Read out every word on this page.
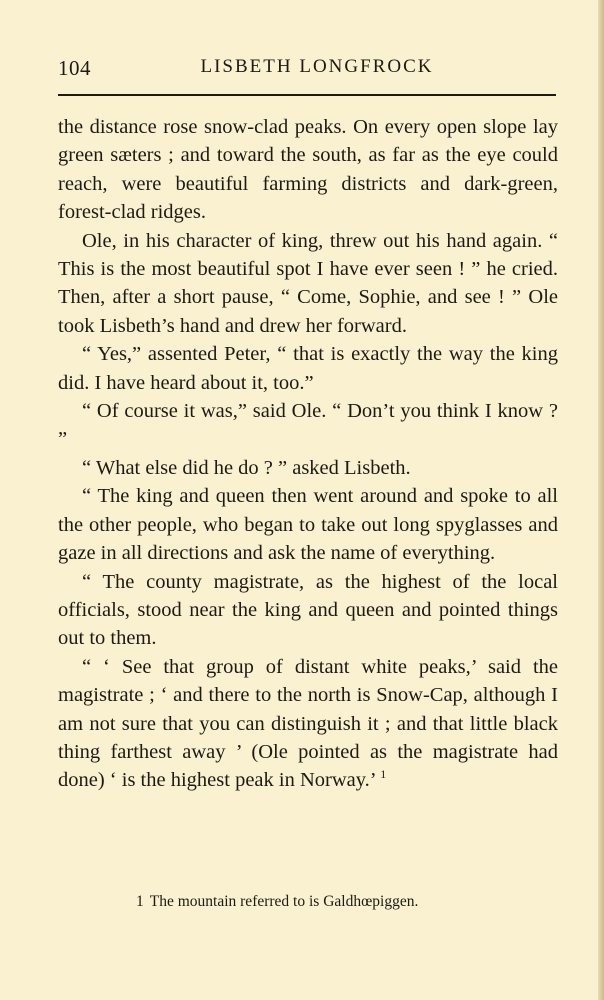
104	LISBETH LONGFROCK

the distance rose snow-clad peaks. On every open slope lay green sæters ; and toward the south, as far as the eye could reach, were beautiful farming districts and dark-green, forest-clad ridges.

Ole, in his character of king, threw out his hand again. “ This is the most beautiful spot I have ever seen ! ” he cried. Then, after a short pause, “ Come, Sophie, and see ! ” Ole took Lisbeth’s hand and drew her forward.

“ Yes,” assented Peter, “ that is exactly the way the king did. I have heard about it, too.”

“ Of course it was,” said Ole. “ Don’t you think I know ? ”

“ What else did he do ? ” asked Lisbeth.

“ The king and queen then went around and spoke to all the other people, who began to take out long spyglasses and gaze in all directions and ask the name of everything.

“ The county magistrate, as the highest of the local officials, stood near the king and queen and pointed things out to them.

“ ‘ See that group of distant white peaks,’ said the magistrate ; ‘ and there to the north is Snow-Cap, although I am not sure that you can distinguish it ; and that little black thing farthest away ’ (Ole pointed as the magistrate had done) ‘ is the highest peak in Norway.’ $^1$

1 The mountain referred to is Galdhœpiggen.
